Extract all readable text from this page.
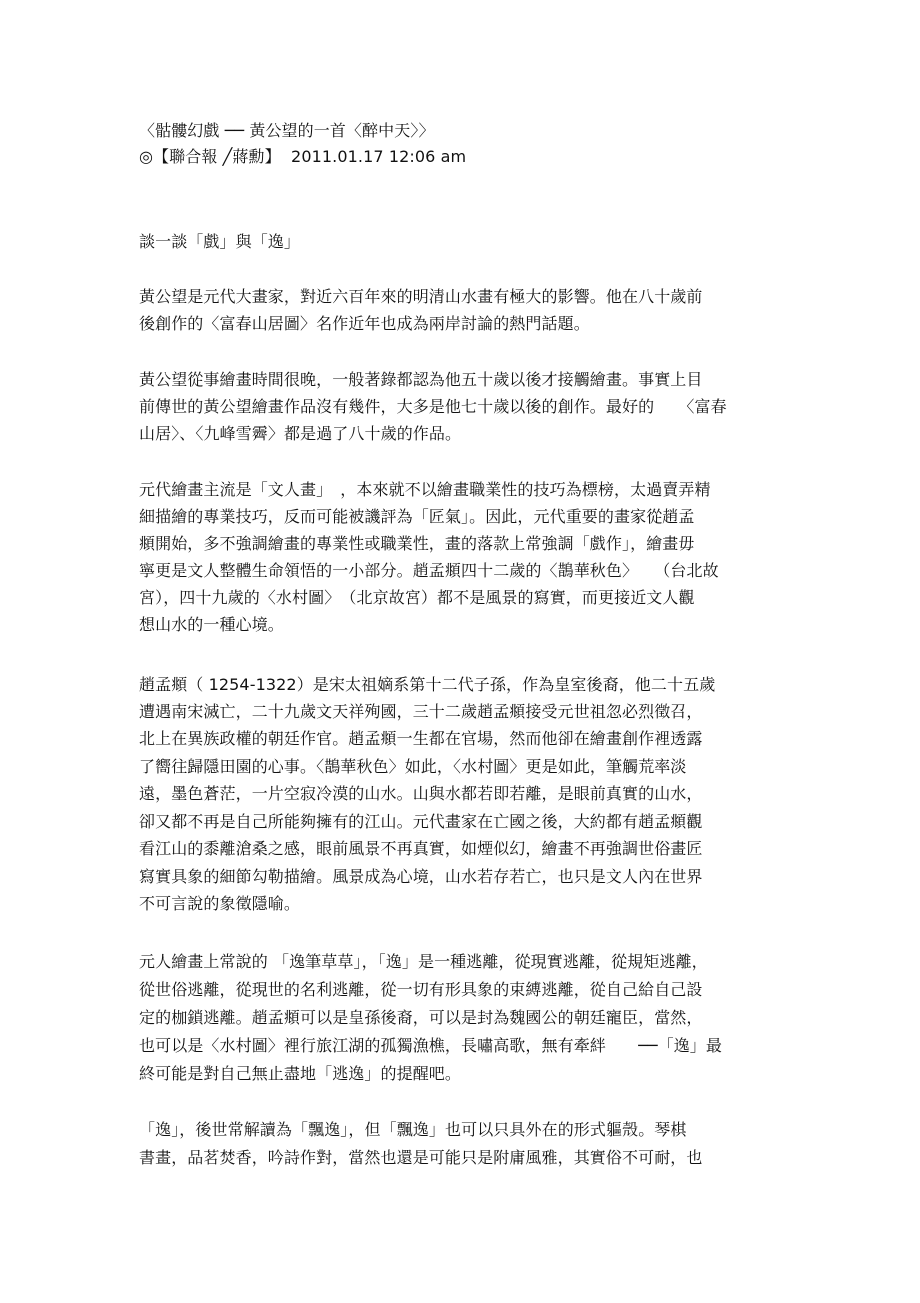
〈骷髏幻戲 ── 黃公望的一首〈醉中天〉〉
◎【聯合報 ╱蔣勳】  2011.01.17 12:06 am
談一談「戲」與「逸」
黃公望是元代大畫家，對近六百年來的明清山水畫有極大的影響。他在八十歲前
後創作的〈富春山居圖〉名作近年也成為兩岸討論的熱門話題。
黃公望從事繪畫時間很晚，一般著錄都認為他五十歲以後才接觸繪畫。事實上目
前傳世的黃公望繪畫作品沒有幾件，大多是他七十歲以後的創作。最好的　　〈富春
山居〉、〈九峰雪霽〉都是過了八十歲的作品。
元代繪畫主流是「文人畫」　，本來就不以繪畫職業性的技巧為標榜，太過賣弄精
細描繪的專業技巧，反而可能被譏評為「匠氣」。因此，元代重要的畫家從趙孟
頫開始，多不強調繪畫的專業性或職業性，畫的落款上常強調「戲作」，繪畫毋
寧更是文人整體生命領悟的一小部分。趙孟頫四十二歲的〈鵲華秋色〉　　（台北故
宮），四十九歲的〈水村圖〉　（北京故宮）都不是風景的寫實，而更接近文人觀
想山水的一種心境。
趙孟頫（ 1254-1322）是宋太祖嫡系第十二代子孫，作為皇室後裔，他二十五歲
遭遇南宋滅亡，二十九歲文天祥殉國，三十二歲趙孟頫接受元世祖忽必烈徵召，
北上在異族政權的朝廷作官。趙孟頫一生都在官場，然而他卻在繪畫創作裡透露
了嚮往歸隱田園的心事。〈鵲華秋色〉如此，〈水村圖〉更是如此，筆觸荒率淡
遠，墨色蒼茫，一片空寂冷漠的山水。山與水都若即若離，是眼前真實的山水，
卻又都不再是自己所能夠擁有的江山。元代畫家在亡國之後，大約都有趙孟頫觀
看江山的黍離滄桑之感，眼前風景不再真實，如煙似幻，繪畫不再強調世俗畫匠
寫實具象的細節勾勒描繪。風景成為心境，山水若存若亡，也只是文人內在世界
不可言說的象徵隱喻。
元人繪畫上常說的 「逸筆草草」，「逸」是一種逃離，從現實逃離，從規矩逃離，
從世俗逃離，從現世的名利逃離，從一切有形具象的束縛逃離，從自己給自己設
定的枷鎖逃離。趙孟頫可以是皇孫後裔，可以是封為魏國公的朝廷寵臣，當然，
也可以是〈水村圖〉裡行旅江湖的孤獨漁樵，長嘯高歌，無有牽絆　　──「逸」最
終可能是對自己無止盡地「逃逸」的提醒吧。
「逸」，後世常解讀為「飄逸」，但「飄逸」也可以只具外在的形式軀殼。琴棋
書畫，品茗焚香，吟詩作對，當然也還是可能只是附庸風雅，其實俗不可耐，也
